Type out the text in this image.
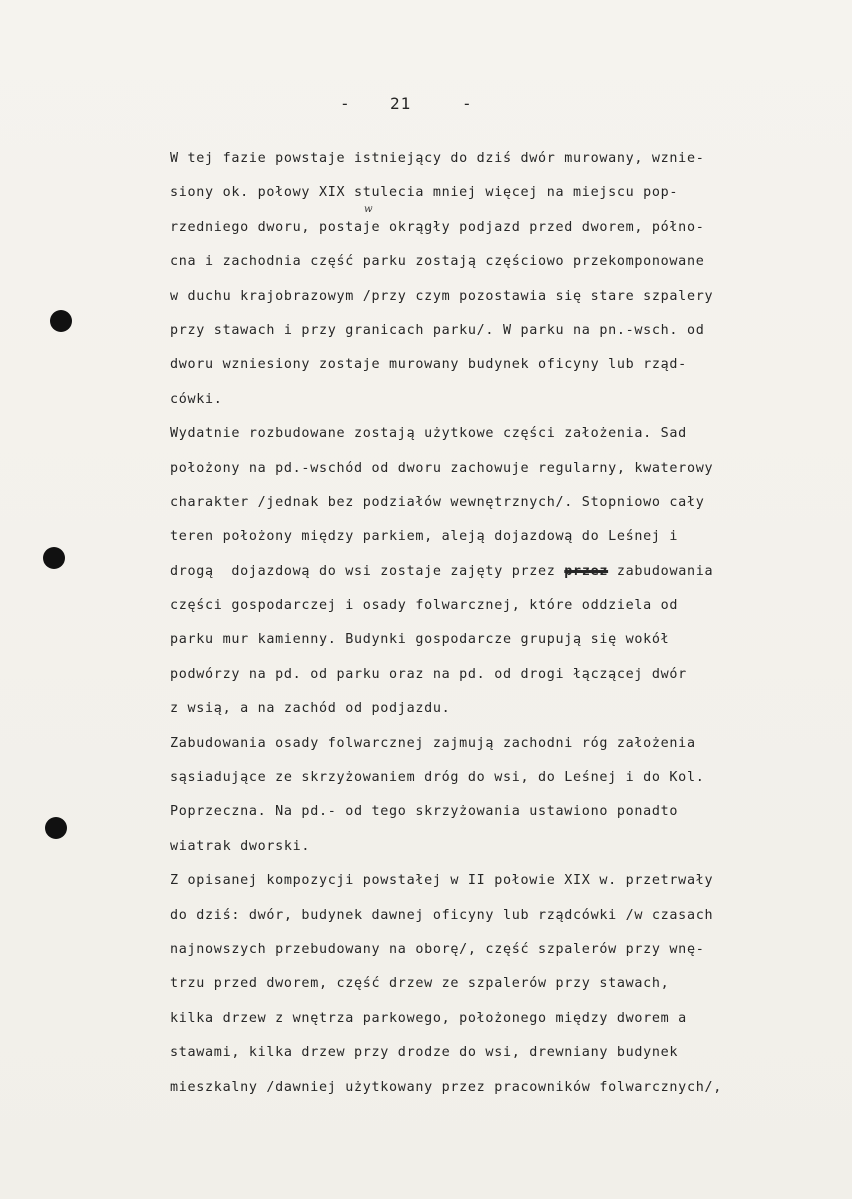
- 21	-
w
W tej fazie powstaje istniejący do dziś dwór murowany, wznie-
siony ok. połowy XIX stulecia mniej więcej na miejscu pop-
rzedniego dworu, postaje okrągły podjazd przed dworem, półno-
cna i zachodnia część parku zostają częściowo przekomponowane
w duchu krajobrazowym /przy czym pozostawia się stare szpalery
przy stawach i przy granicach parku/. W parku na pn.-wsch. od
dworu wzniesiony zostaje murowany budynek oficyny lub rząd-
cówki.
Wydatnie rozbudowane zostają użytkowe części założenia. Sad
położony na pd.-wschód od dworu zachowuje regularny, kwaterowy
charakter /jednak bez podziałów wewnętrznych/. Stopniowo cały
teren położony między parkiem, aleją dojazdową do Leśnej i
drogą  dojazdową do wsi zostaje zajęty przez przez zabudowania
części gospodarczej i osady folwarcznej, które oddziela od
parku mur kamienny. Budynki gospodarcze grupują się wokół
podwórzy na pd. od parku oraz na pd. od drogi łączącej dwór
z wsią, a na zachód od podjazdu.
Zabudowania osady folwarcznej zajmują zachodni róg założenia
sąsiadujące ze skrzyżowaniem dróg do wsi, do Leśnej i do Kol.
Poprzeczna. Na pd.- od tego skrzyżowania ustawiono ponadto
wiatrak dworski.
Z opisanej kompozycji powstałej w II połowie XIX w. przetrwały
do dziś: dwór, budynek dawnej oficyny lub rządcówki /w czasach
najnowszych przebudowany na oborę/, część szpalerów przy wnę-
trzu przed dworem, część drzew ze szpalerów przy stawach,
kilka drzew z wnętrza parkowego, położonego między dworem a
stawami, kilka drzew przy drodze do wsi, drewniany budynek
mieszkalny /dawniej użytkowany przez pracowników folwarcznych/,
